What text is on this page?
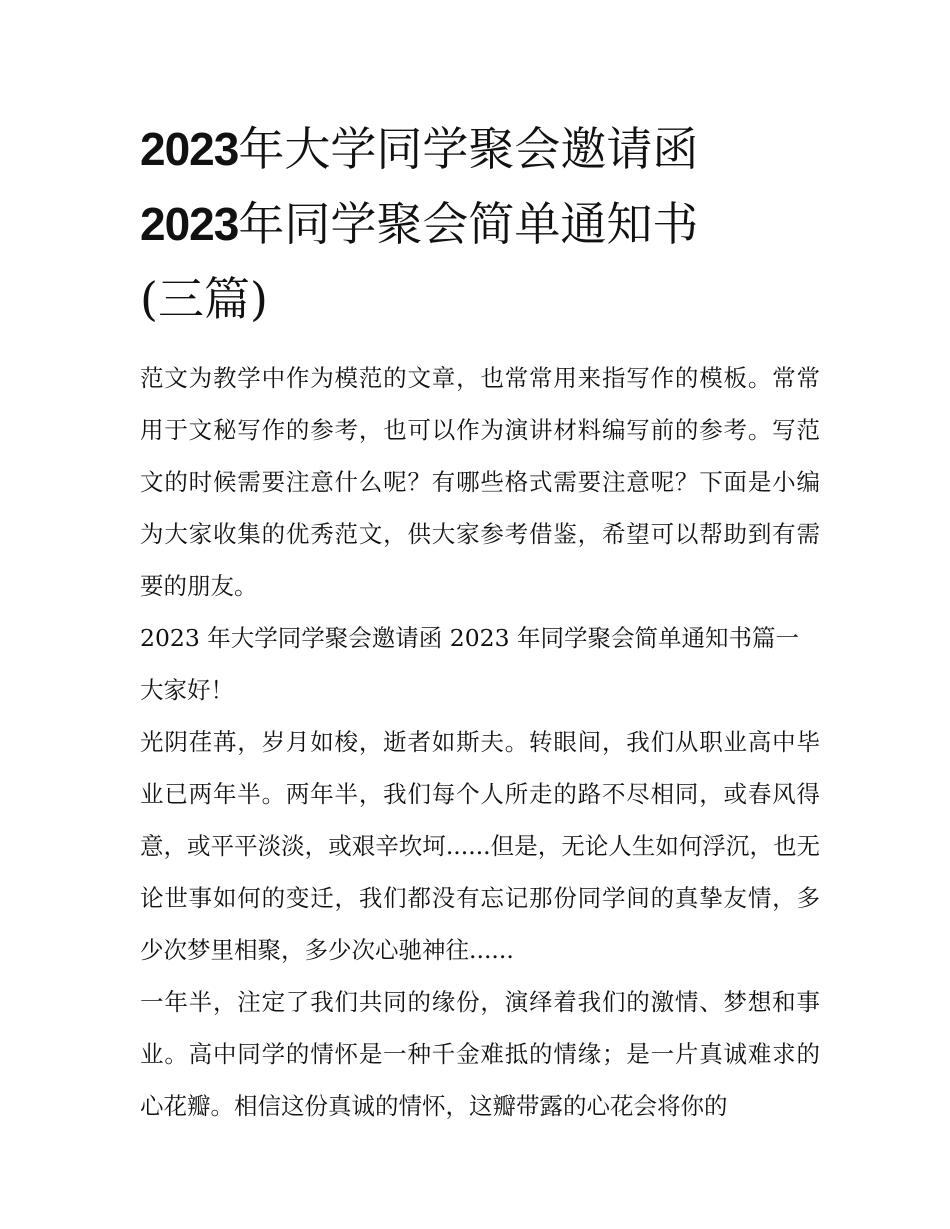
2023年大学同学聚会邀请函
2023年同学聚会简单通知书
(三篇)

范文为教学中作为模范的文章，也常常用来指写作的模板。常常用于文秘写作的参考，也可以作为演讲材料编写前的参考。写范文的时候需要注意什么呢？有哪些格式需要注意呢？下面是小编为大家收集的优秀范文，供大家参考借鉴，希望可以帮助到有需要的朋友。

2023 年大学同学聚会邀请函 2023 年同学聚会简单通知书篇一

大家好！

光阴荏苒，岁月如梭，逝者如斯夫。转眼间，我们从职业高中毕业已两年半。两年半，我们每个人所走的路不尽相同，或春风得意，或平平淡淡，或艰辛坎坷......但是，无论人生如何浮沉，也无论世事如何的变迁，我们都没有忘记那份同学间的真挚友情，多少次梦里相聚，多少次心驰神往......

一年半，注定了我们共同的缘份，演绎着我们的激情、梦想和事业。高中同学的情怀是一种千金难抵的情缘；是一片真诚难求的心花瓣。相信这份真诚的情怀，这瓣带露的心花会将你的
